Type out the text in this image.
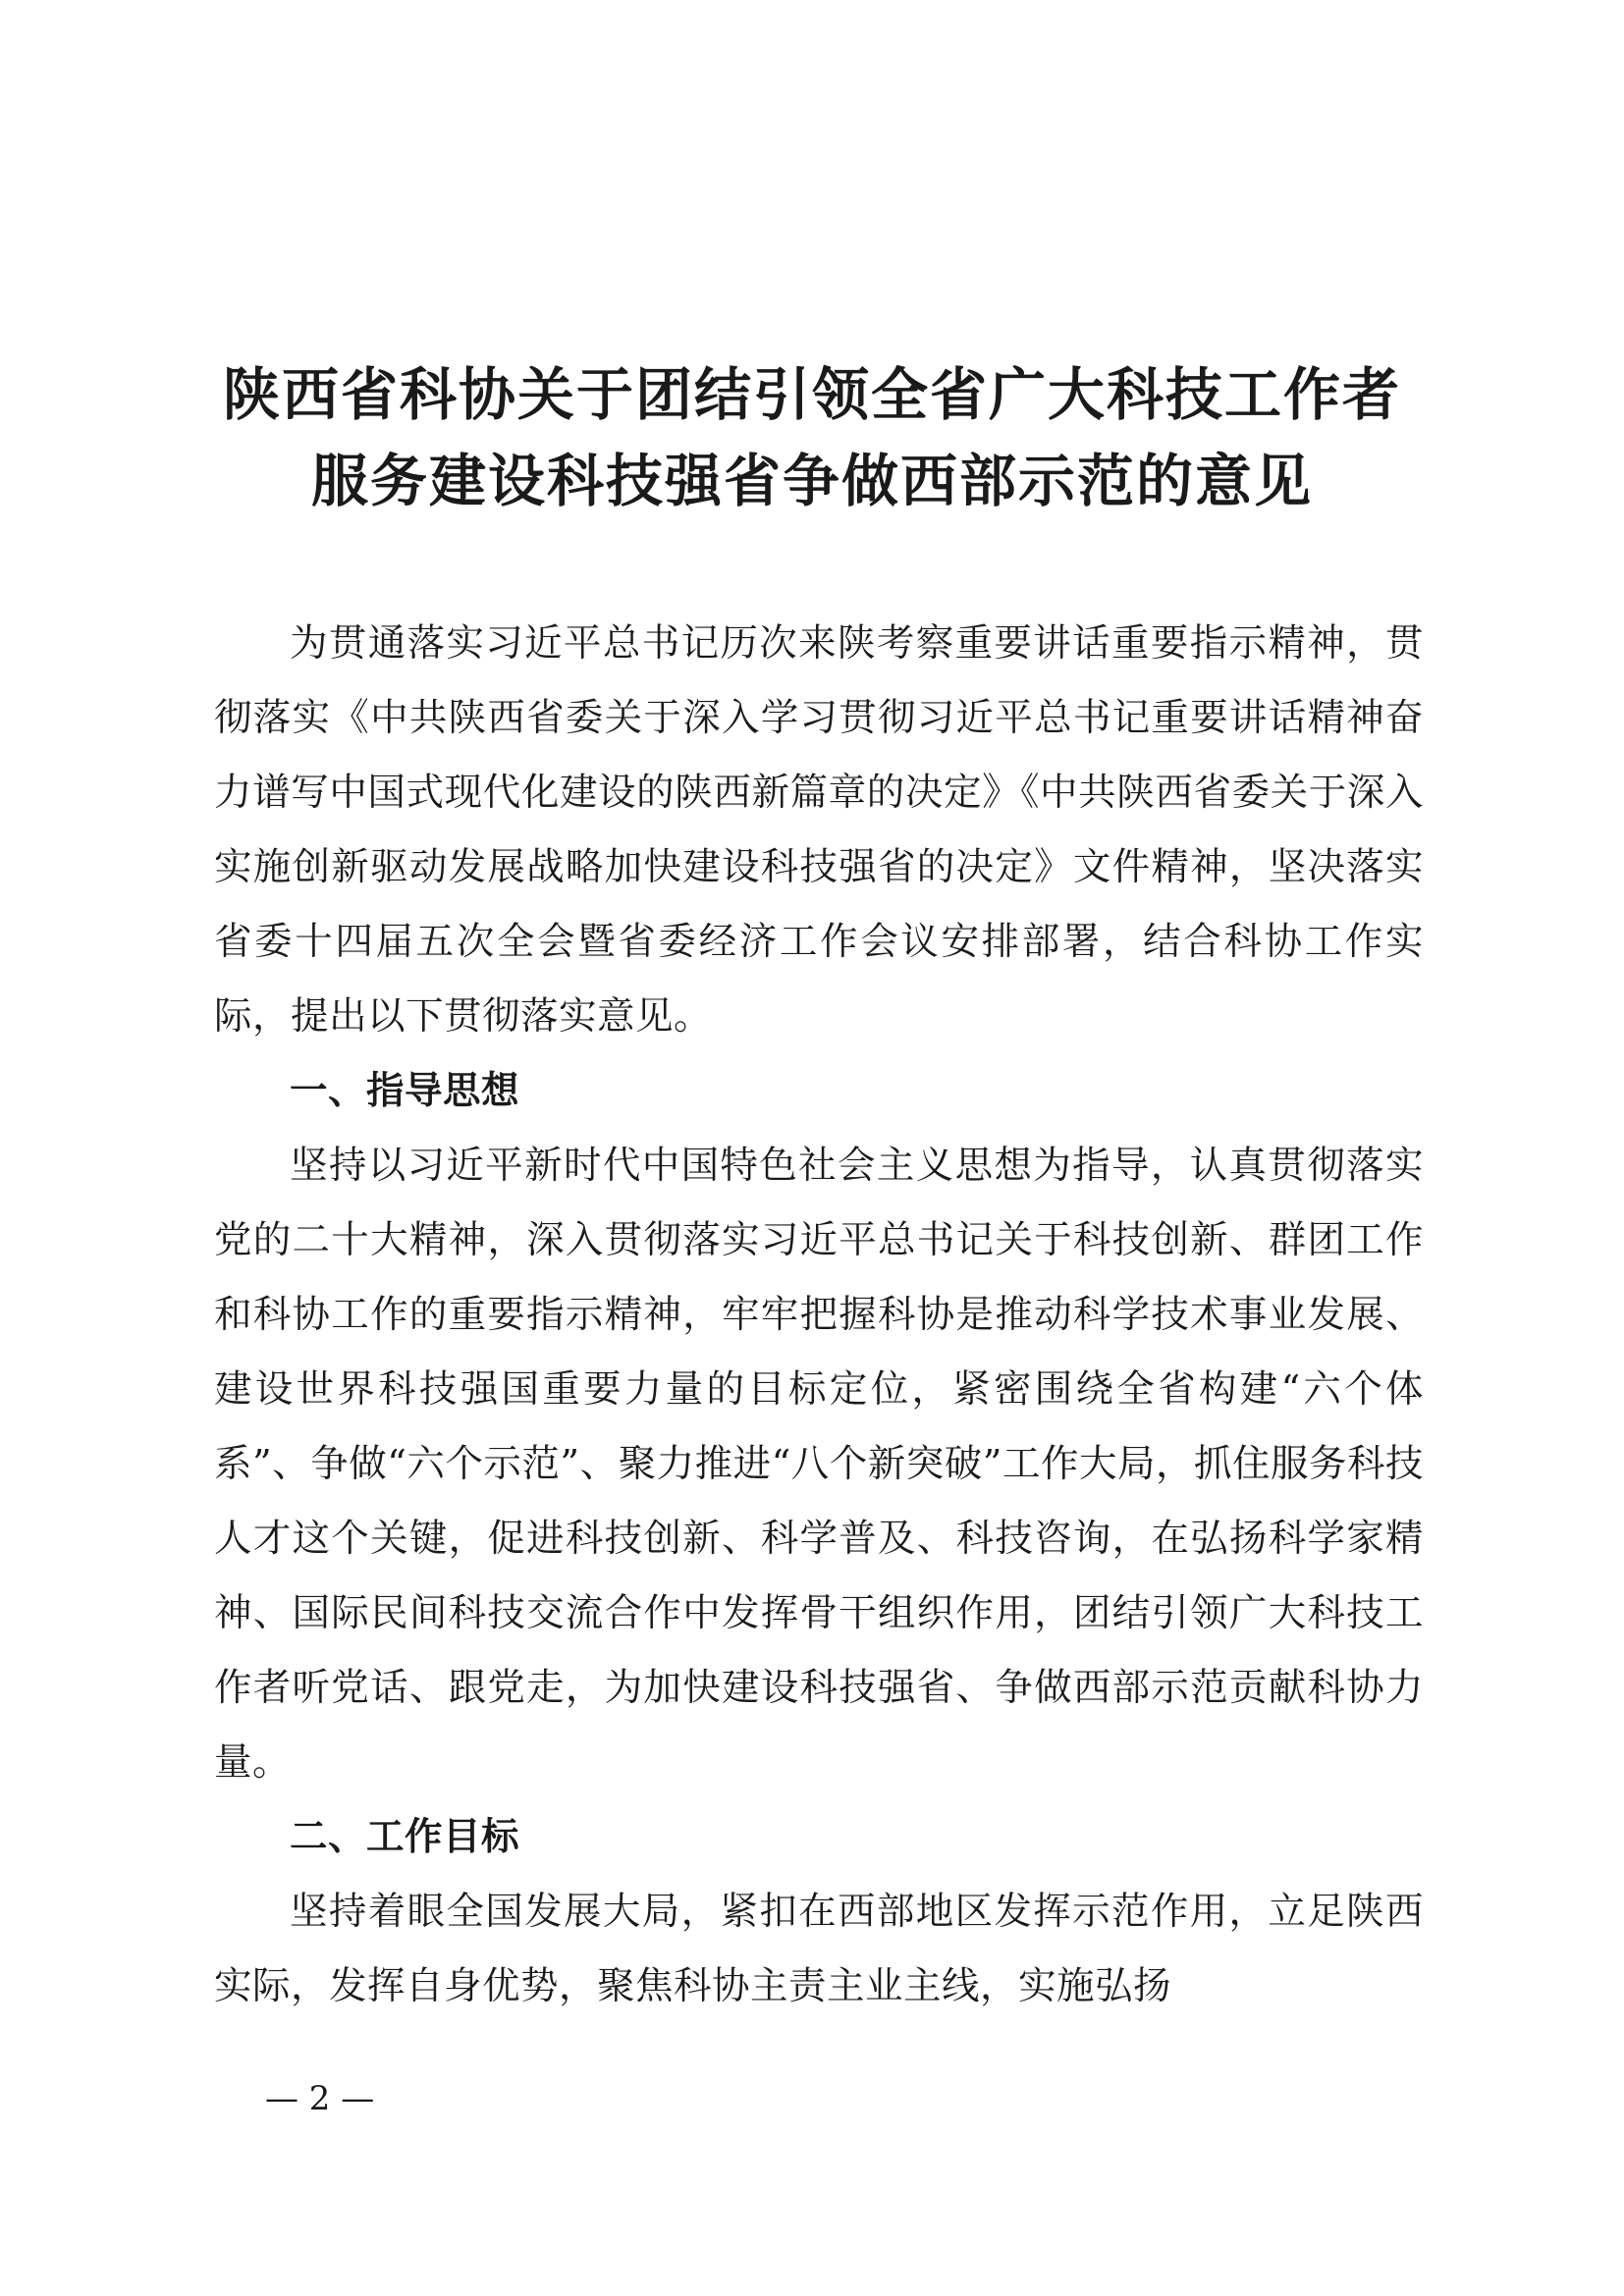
陕西省科协关于团结引领全省广大科技工作者
服务建设科技强省争做西部示范的意见

为贯通落实习近平总书记历次来陕考察重要讲话重要指示精神，贯彻落实《中共陕西省委关于深入学习贯彻习近平总书记重要讲话精神奋力谱写中国式现代化建设的陕西新篇章的决定》《中共陕西省委关于深入实施创新驱动发展战略加快建设科技强省的决定》文件精神，坚决落实省委十四届五次全会暨省委经济工作会议安排部署，结合科协工作实际，提出以下贯彻落实意见。

一、指导思想

坚持以习近平新时代中国特色社会主义思想为指导，认真贯彻落实党的二十大精神，深入贯彻落实习近平总书记关于科技创新、群团工作和科协工作的重要指示精神，牢牢把握科协是推动科学技术事业发展、建设世界科技强国重要力量的目标定位，紧密围绕全省构建“六个体系”、争做“六个示范”、聚力推进“八个新突破”工作大局，抓住服务科技人才这个关键，促进科技创新、科学普及、科技咨询，在弘扬科学家精神、国际民间科技交流合作中发挥骨干组织作用，团结引领广大科技工作者听党话、跟党走，为加快建设科技强省、争做西部示范贡献科协力量。

二、工作目标

坚持着眼全国发展大局，紧扣在西部地区发挥示范作用，立足陕西实际，发挥自身优势，聚焦科协主责主业主线，实施弘扬

— 2 —
